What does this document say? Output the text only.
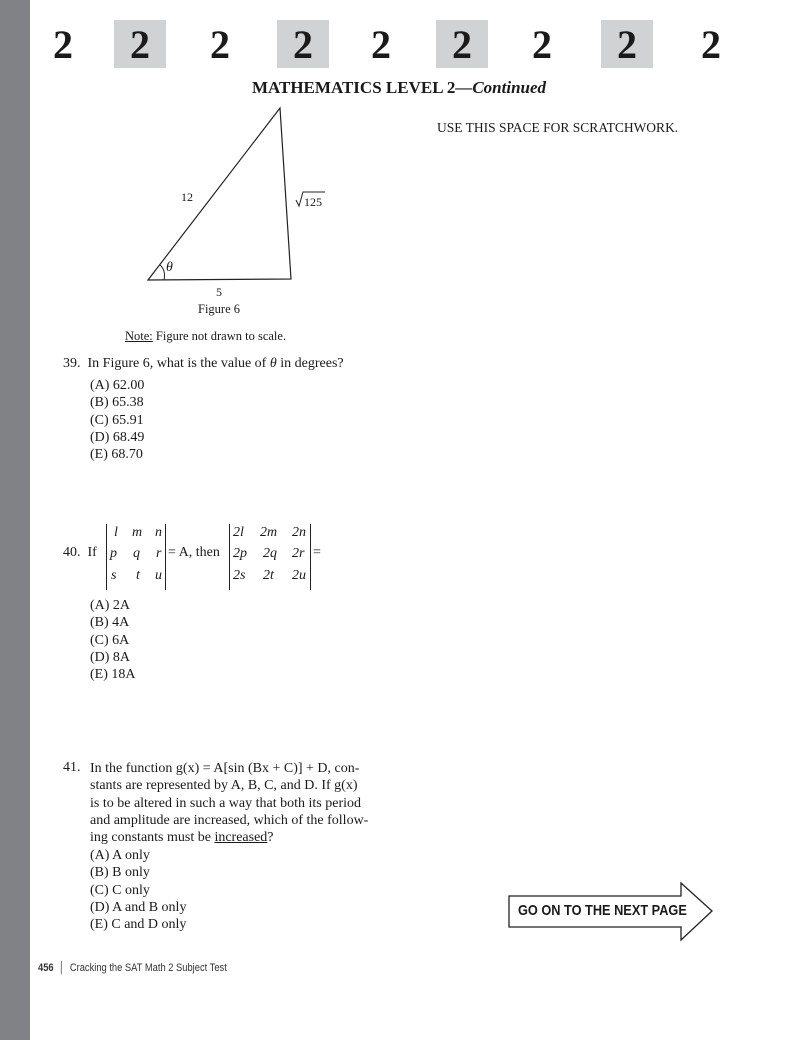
2	2	2	2	2	2	2	2	2
MATHEMATICS LEVEL 2—Continued
USE THIS SPACE FOR SCRATCHWORK.
12	125
5
θ
Figure 6
Note: Figure not drawn to scale.
39. In Figure 6, what is the value of θ in degrees?
(A) 62.00
(B) 65.38
(C) 65.91
(D) 68.49
(E) 68.70
40. If
l m n
p q r
s t u
= A, then
2l 2m 2n
2p 2q 2r
2s 2t 2u
=
(A) 2A
(B) 4A
(C) 6A
(D) 8A
(E) 18A
41. In the function g(x) = A[sin (Bx + C)] + D, con-
stants are represented by A, B, C, and D. If g(x)
is to be altered in such a way that both its period
and amplitude are increased, which of the follow-
ing constants must be increased?
(A) A only
(B) B only
(C) C only
(D) A and B only
(E) C and D only
GO ON TO THE NEXT PAGE
456  │  Cracking the SAT Math 2 Subject Test
